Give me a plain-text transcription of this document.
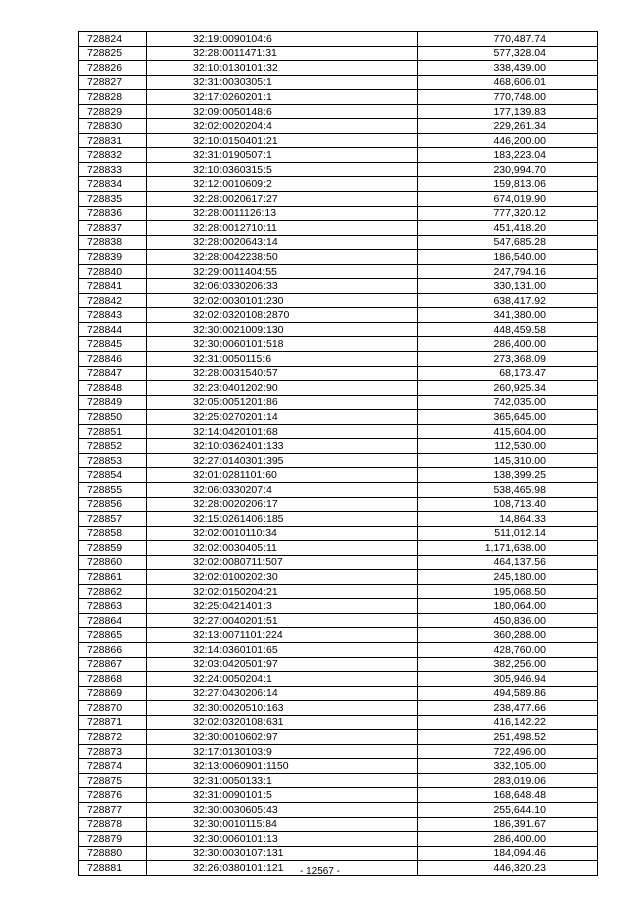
728824	32:19:0090104:6	770,487.74
728825	32:28:0011471:31	577,328.04
728826	32:10:0130101:32	338,439.00
728827	32:31:0030305:1	468,606.01
728828	32:17:0260201:1	770,748.00
728829	32:09:0050148:6	177,139.83
728830	32:02:0020204:4	229,261.34
728831	32:10:0150401:21	446,200.00
728832	32:31:0190507:1	183,223.04
728833	32:10:0360315:5	230,994.70
728834	32:12:0010609:2	159,813.06
728835	32:28:0020617:27	674,019.90
728836	32:28:0011126:13	777,320.12
728837	32:28:0012710:11	451,418.20
728838	32:28:0020643:14	547,685.28
728839	32:28:0042238:50	186,540.00
728840	32:29:0011404:55	247,794.16
728841	32:06:0330206:33	330,131.00
728842	32:02:0030101:230	638,417.92
728843	32:02:0320108:2870	341,380.00
728844	32:30:0021009:130	448,459.58
728845	32:30:0060101:518	286,400.00
728846	32:31:0050115:6	273,368.09
728847	32:28:0031540:57	68,173.47
728848	32:23:0401202:90	260,925.34
728849	32:05:0051201:86	742,035.00
728850	32:25:0270201:14	365,645.00
728851	32:14:0420101:68	415,604.00
728852	32:10:0362401:133	112,530.00
728853	32:27:0140301:395	145,310.00
728854	32:01:0281101:60	138,399.25
728855	32:06:0330207:4	538,465.98
728856	32:28:0020206:17	108,713.40
728857	32:15:0261406:185	14,864.33
728858	32:02:0010110:34	511,012.14
728859	32:02:0030405:11	1,171,638.00
728860	32:02:0080711:507	464,137.56
728861	32:02:0100202:30	245,180.00
728862	32:02:0150204:21	195,068.50
728863	32:25:0421401:3	180,064.00
728864	32:27:0040201:51	450,836.00
728865	32:13:0071101:224	360,288.00
728866	32:14:0360101:65	428,760.00
728867	32:03:0420501:97	382,256.00
728868	32:24:0050204:1	305,946.94
728869	32:27:0430206:14	494,589.86
728870	32:30:0020510:163	238,477.66
728871	32:02:0320108:631	416,142.22
728872	32:30:0010602:97	251,498.52
728873	32:17:0130103:9	722,496.00
728874	32:13:0060901:1150	332,105.00
728875	32:31:0050133:1	283,019.06
728876	32:31:0090101:5	168,648.48
728877	32:30:0030605:43	255,644.10
728878	32:30:0010115:84	186,391.67
728879	32:30:0060101:13	286,400.00
728880	32:30:0030107:131	184,094.46
728881	32:26:0380101:121	446,320.23
- 12567 -
